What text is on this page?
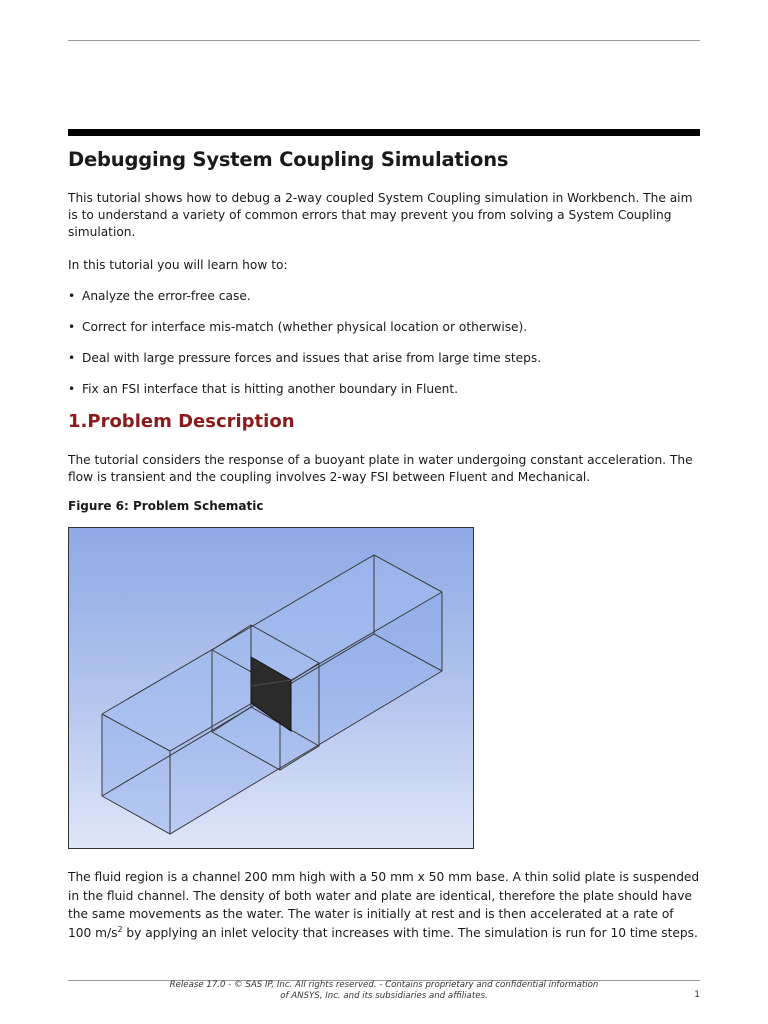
Debugging System Coupling Simulations

This tutorial shows how to debug a 2-way coupled System Coupling simulation in Workbench. The aim is to understand a variety of common errors that may prevent you from solving a System Coupling simulation.

In this tutorial you will learn how to:

• Analyze the error-free case.

• Correct for interface mis-match (whether physical location or otherwise).

• Deal with large pressure forces and issues that arise from large time steps.

• Fix an FSI interface that is hitting another boundary in Fluent.

1.Problem Description

The tutorial considers the response of a buoyant plate in water undergoing constant acceleration. The flow is transient and the coupling involves 2-way FSI between Fluent and Mechanical.

Figure 6: Problem Schematic

The fluid region is a channel 200 mm high with a 50 mm x 50 mm base. A thin solid plate is suspended in the fluid channel. The density of both water and plate are identical, therefore the plate should have the same movements as the water. The water is initially at rest and is then accelerated at a rate of 100 $m/s^2$ by applying an inlet velocity that increases with time. The simulation is run for 10 time steps.

Release 17.0 - © SAS IP, Inc. All rights reserved. - Contains proprietary and confidential information
of ANSYS, Inc. and its subsidiaries and affiliates.	1
